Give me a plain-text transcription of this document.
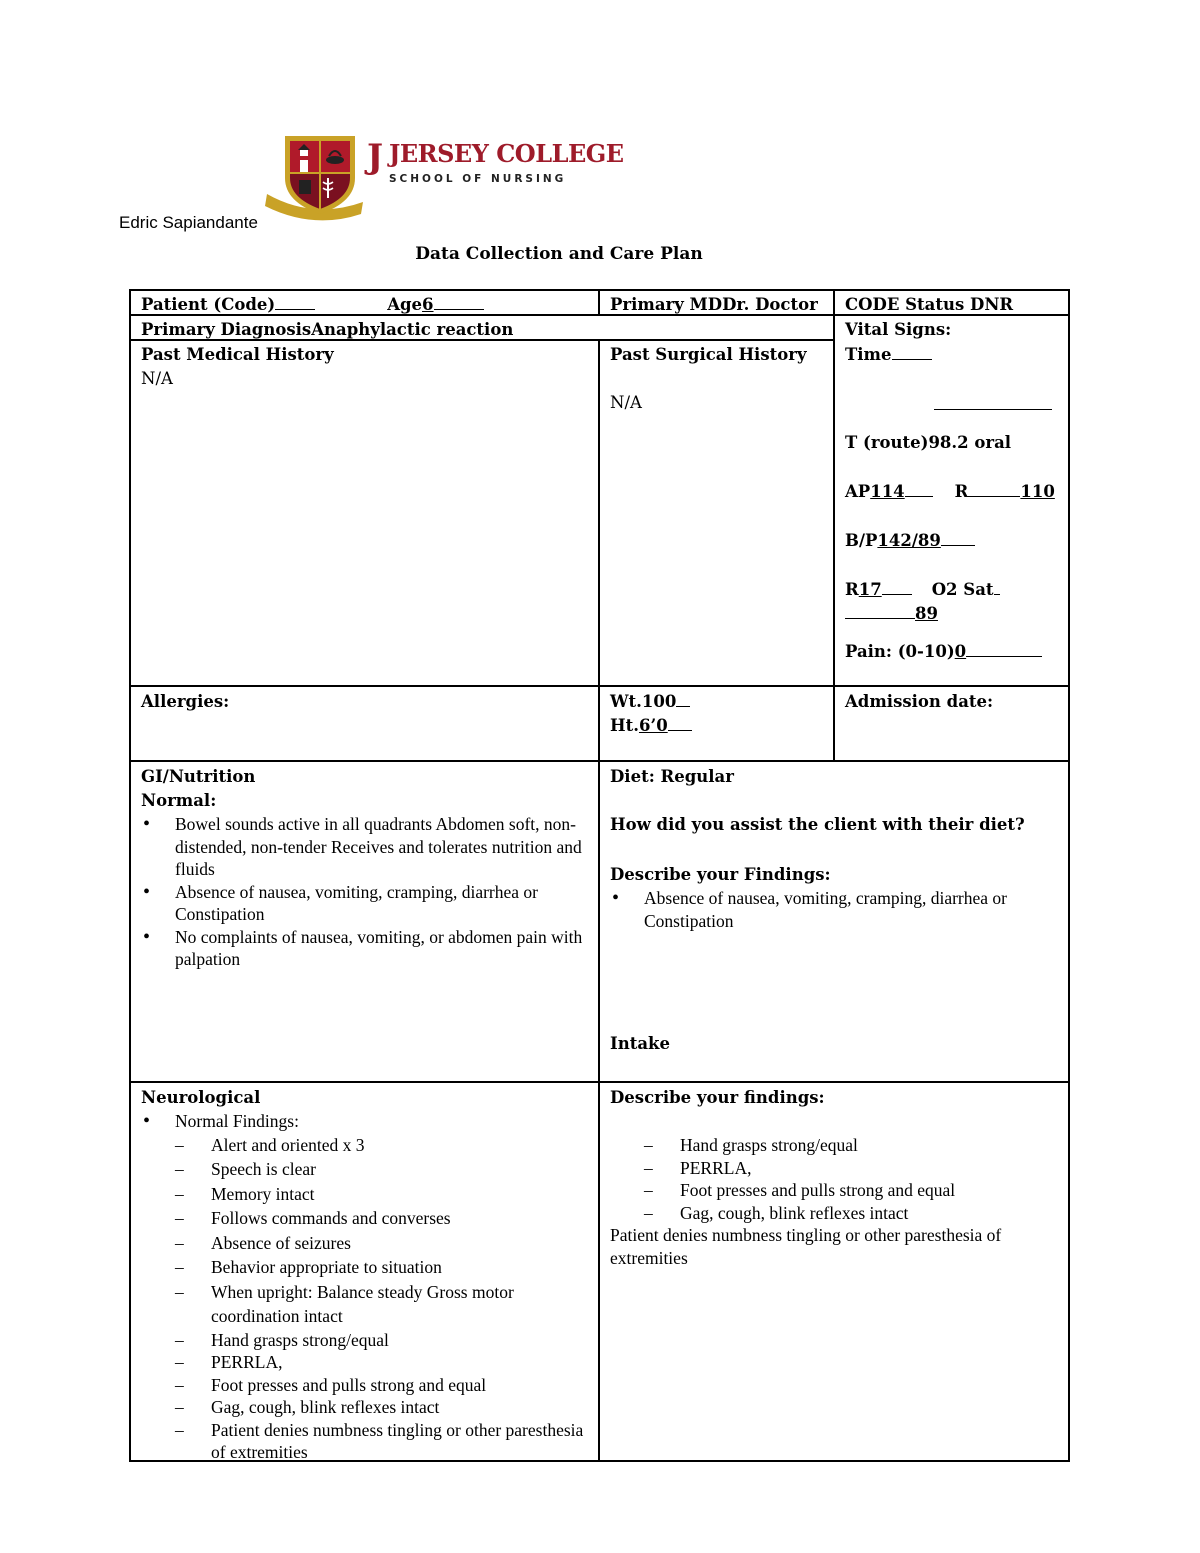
J JERSEY COLLEGE
SCHOOL OF NURSING
Edric Sapiandante
Data Collection and Care Plan
Patient (Code)	Age6	Primary MDDr. Doctor	CODE Status DNR
Primary DiagnosisAnaphylactic reaction	Vital Signs:
Time
T (route)98.2 oral
AP114	R	110
B/P142/89
R17	O2 Sat
89
Pain: (0-10)0
Past Medical History
N/A
Past Surgical History
N/A
Allergies:	Wt.100
Ht.6’0
Admission date:
GI/Nutrition
Normal:
• Bowel sounds active in all quadrants Abdomen soft, non-distended, non-tender Receives and tolerates nutrition and fluids
• Absence of nausea, vomiting, cramping, diarrhea or Constipation
• No complaints of nausea, vomiting, or abdomen pain with palpation
Diet: Regular
How did you assist the client with their diet?
Describe your Findings:
• Absence of nausea, vomiting, cramping, diarrhea or Constipation
Intake
Neurological
• Normal Findings:
– Alert and oriented x 3
– Speech is clear
– Memory intact
– Follows commands and converses
– Absence of seizures
– Behavior appropriate to situation
– When upright: Balance steady Gross motor coordination intact
– Hand grasps strong/equal
– PERRLA,
– Foot presses and pulls strong and equal
– Gag, cough, blink reflexes intact
– Patient denies numbness tingling or other paresthesia of extremities
Describe your findings:
– Hand grasps strong/equal
– PERRLA,
– Foot presses and pulls strong and equal
– Gag, cough, blink reflexes intact
Patient denies numbness tingling or other paresthesia of extremities
